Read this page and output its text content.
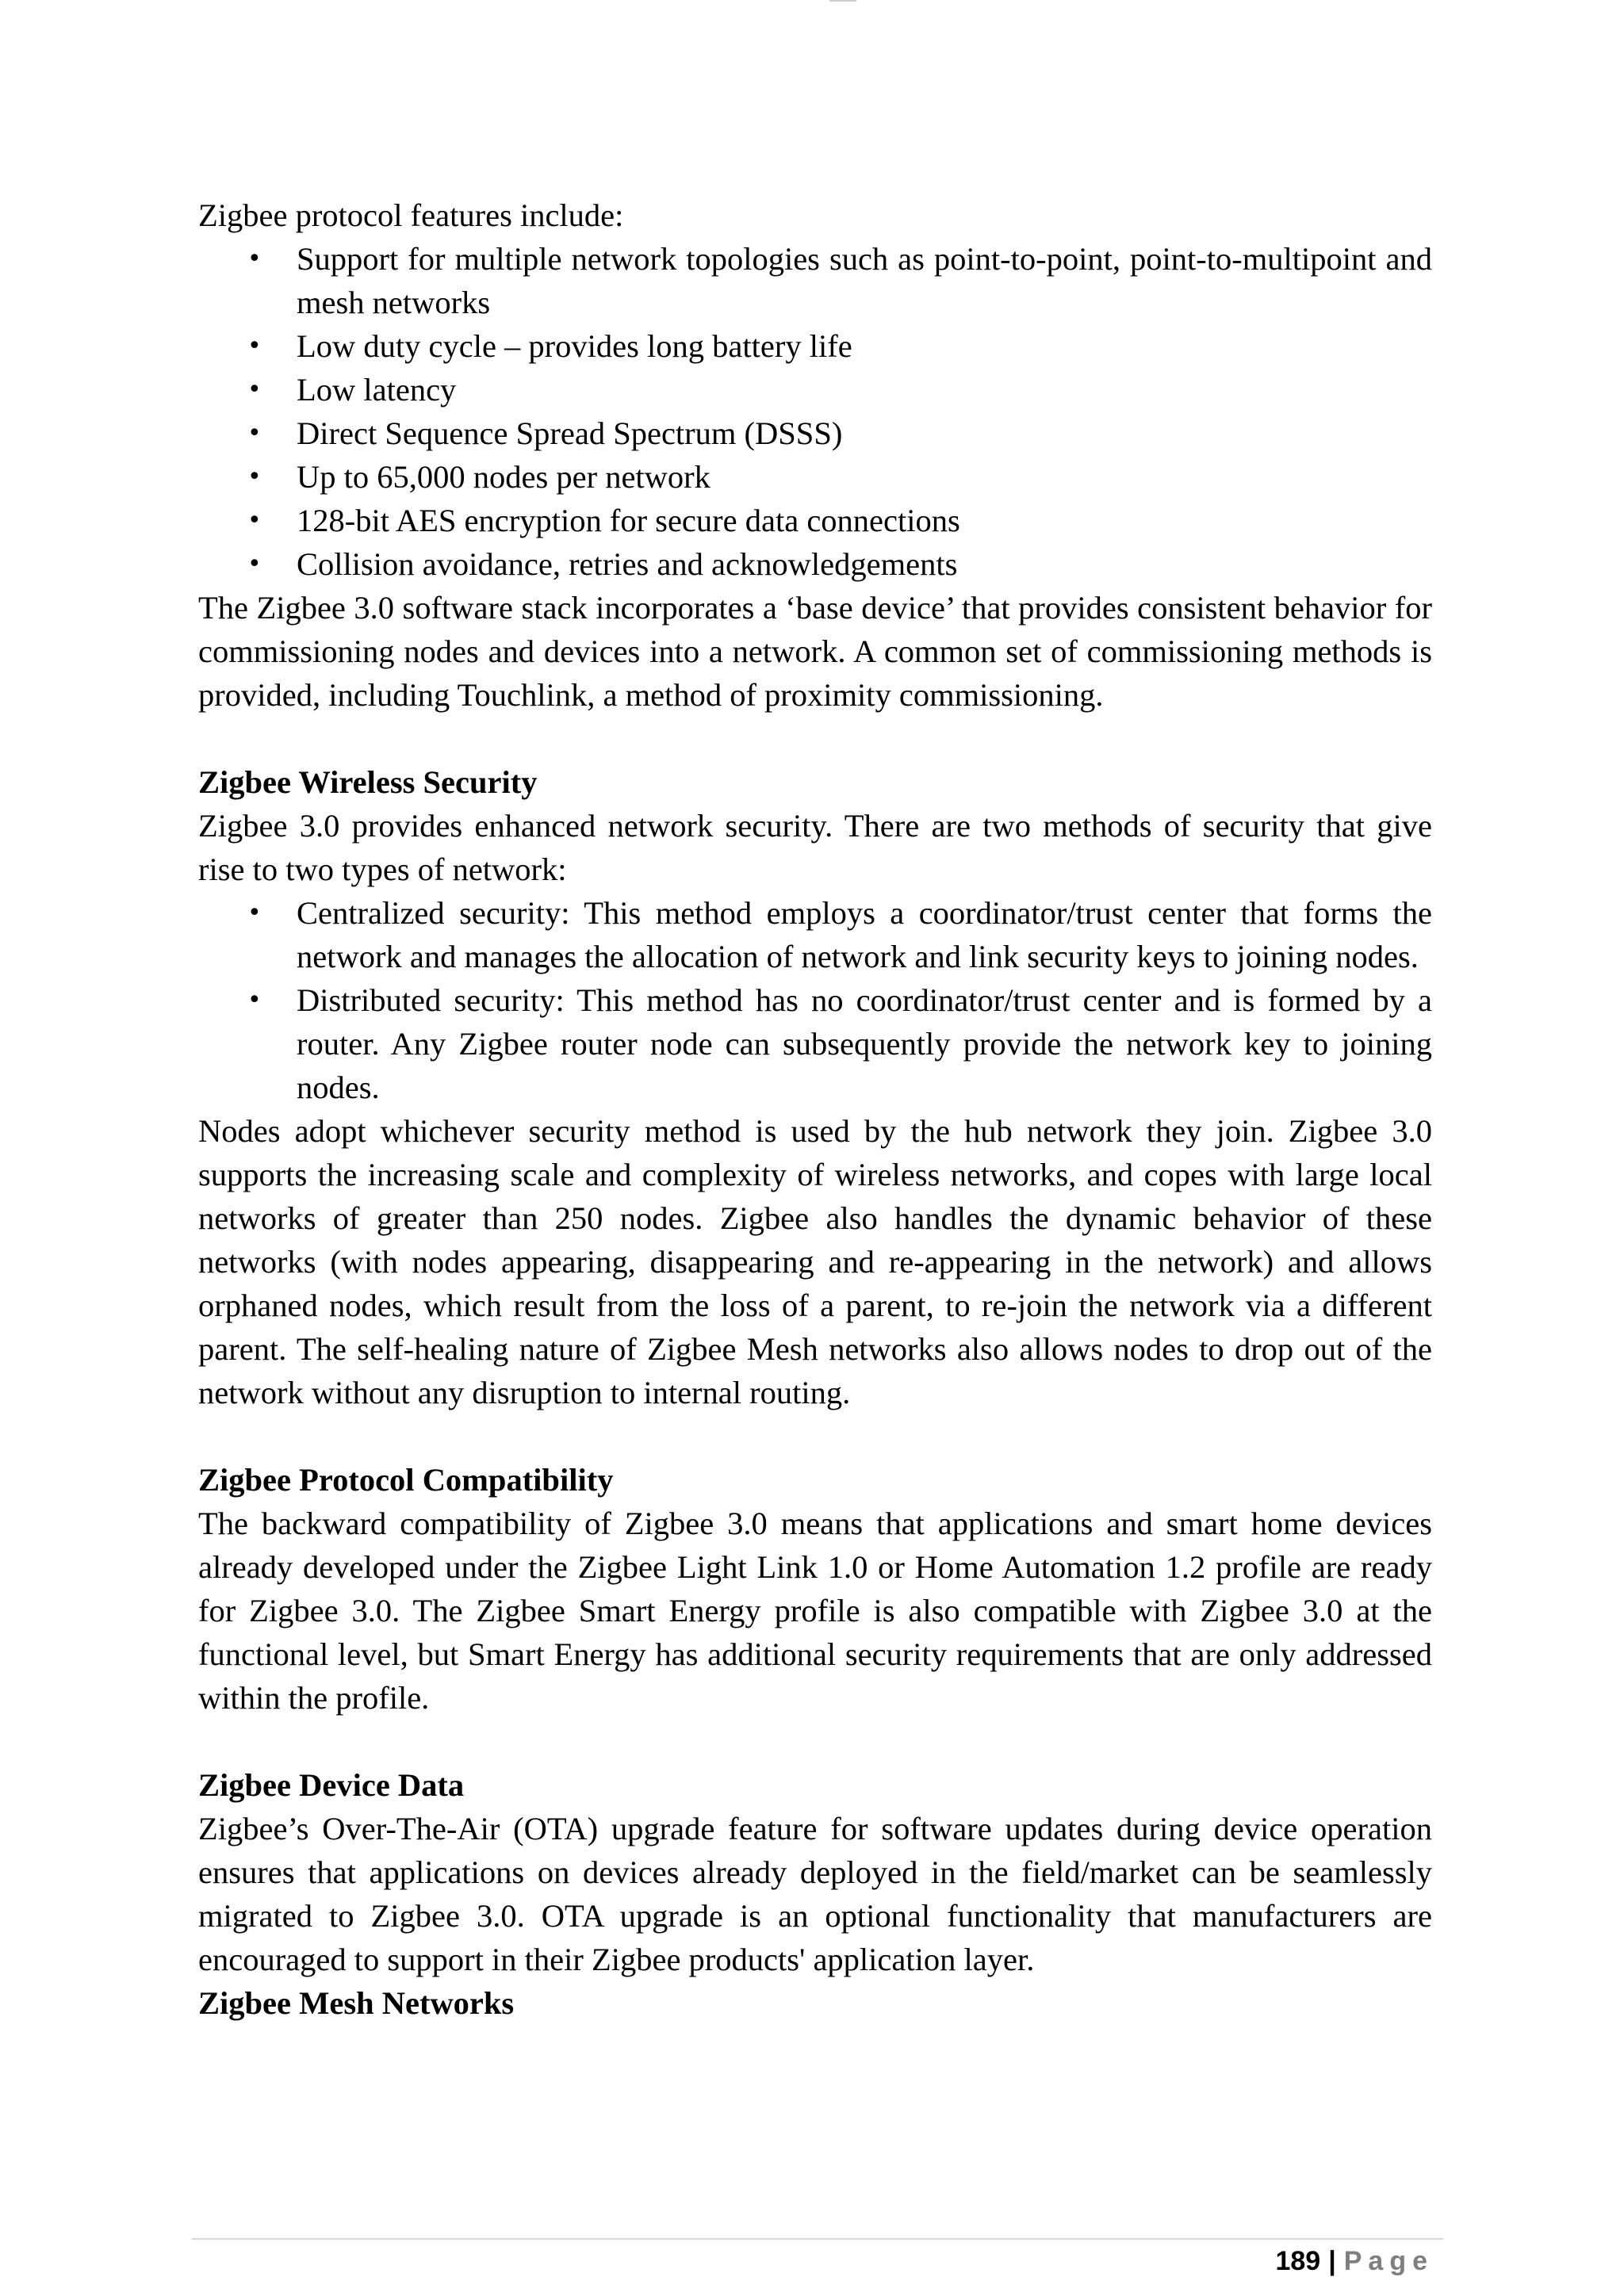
Zigbee protocol features include:

• Support for multiple network topologies such as point-to-point, point-to-multipoint and mesh networks
• Low duty cycle – provides long battery life
• Low latency
• Direct Sequence Spread Spectrum (DSSS)
• Up to 65,000 nodes per network
• 128-bit AES encryption for secure data connections
• Collision avoidance, retries and acknowledgements

The Zigbee 3.0 software stack incorporates a ‘base device’ that provides consistent behavior for commissioning nodes and devices into a network. A common set of commissioning methods is provided, including Touchlink, a method of proximity commissioning.

Zigbee Wireless Security

Zigbee 3.0 provides enhanced network security. There are two methods of security that give rise to two types of network:

• Centralized security: This method employs a coordinator/trust center that forms the network and manages the allocation of network and link security keys to joining nodes.
• Distributed security: This method has no coordinator/trust center and is formed by a router. Any Zigbee router node can subsequently provide the network key to joining nodes.

Nodes adopt whichever security method is used by the hub network they join. Zigbee 3.0 supports the increasing scale and complexity of wireless networks, and copes with large local networks of greater than 250 nodes. Zigbee also handles the dynamic behavior of these networks (with nodes appearing, disappearing and re-appearing in the network) and allows orphaned nodes, which result from the loss of a parent, to re-join the network via a different parent. The self-healing nature of Zigbee Mesh networks also allows nodes to drop out of the network without any disruption to internal routing.

Zigbee Protocol Compatibility

The backward compatibility of Zigbee 3.0 means that applications and smart home devices already developed under the Zigbee Light Link 1.0 or Home Automation 1.2 profile are ready for Zigbee 3.0. The Zigbee Smart Energy profile is also compatible with Zigbee 3.0 at the functional level, but Smart Energy has additional security requirements that are only addressed within the profile.

Zigbee Device Data

Zigbee’s Over-The-Air (OTA) upgrade feature for software updates during device operation ensures that applications on devices already deployed in the field/market can be seamlessly migrated to Zigbee 3.0. OTA upgrade is an optional functionality that manufacturers are encouraged to support in their Zigbee products' application layer.

Zigbee Mesh Networks

189 | Page
